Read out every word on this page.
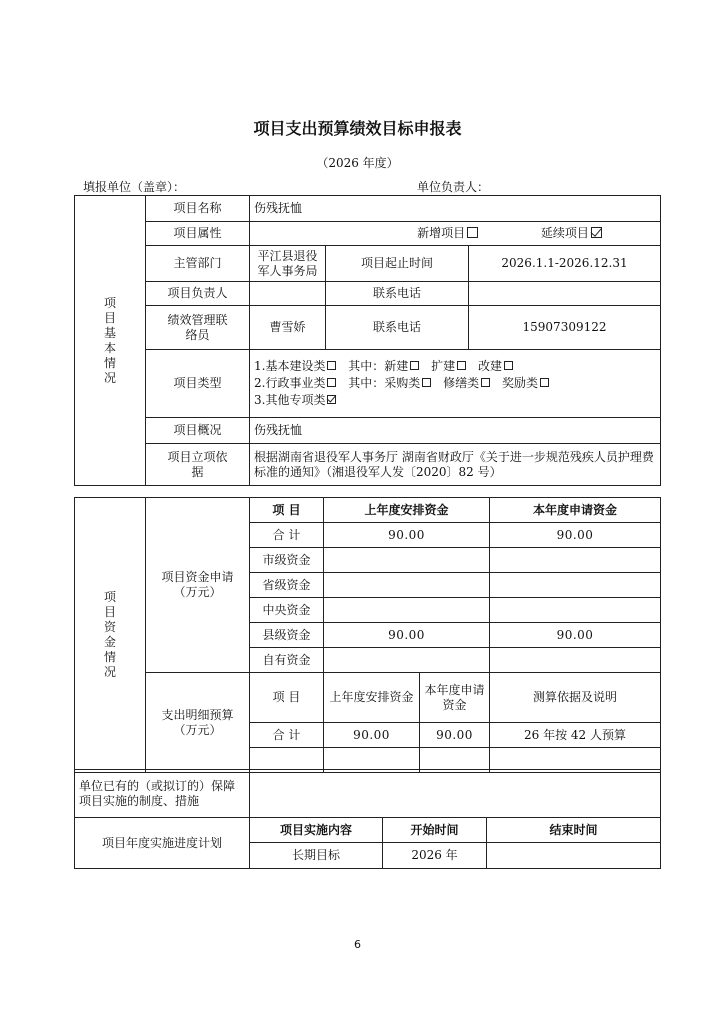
项目支出预算绩效目标申报表
（2026 年度）
填报单位（盖章）：	单位负责人：
项目基本情况	项目名称	伤残抚恤		
	项目属性	新增项目 延续项目		
	主管部门	平江县退役军人事务局	项目起止时间	2026.1.1-2026.12.31
	项目负责人		联系电话	
	绩效管理联络员	曹雪娇	联系电话	15907309122
	项目类型	1.基本建设类 其中：新建 扩建 改建
2.行政事业类 其中：采购类 修缮类 奖励类
3.其他专项类		

	项目概况	伤残抚恤		
	项目立项依据	根据湖南省退役军人事务厅 湖南省财政厅《关于进一步规范残疾人员护理费标准的通知》（湘退役军人发〔2020〕82 号）		
项目资金情况	项目资金申请（万元）	项 目	上年度安排资金		本年度申请资金
		合 计	90.00		90.00
		市级资金			
		省级资金			
		中央资金			
		县级资金	90.00		90.00
		自有资金			
	支出明细预算（万元）	项 目	上年度安排资金	本年度申请资金	测算依据及说明
		合 计	90.00	90.00	26 年按 42 人预算

单位已有的（或拟订的）保障项目实施的制度、措施			
项目年度实施进度计划	项目实施内容	开始时间	结束时间
	长期目标	2026 年	
6
